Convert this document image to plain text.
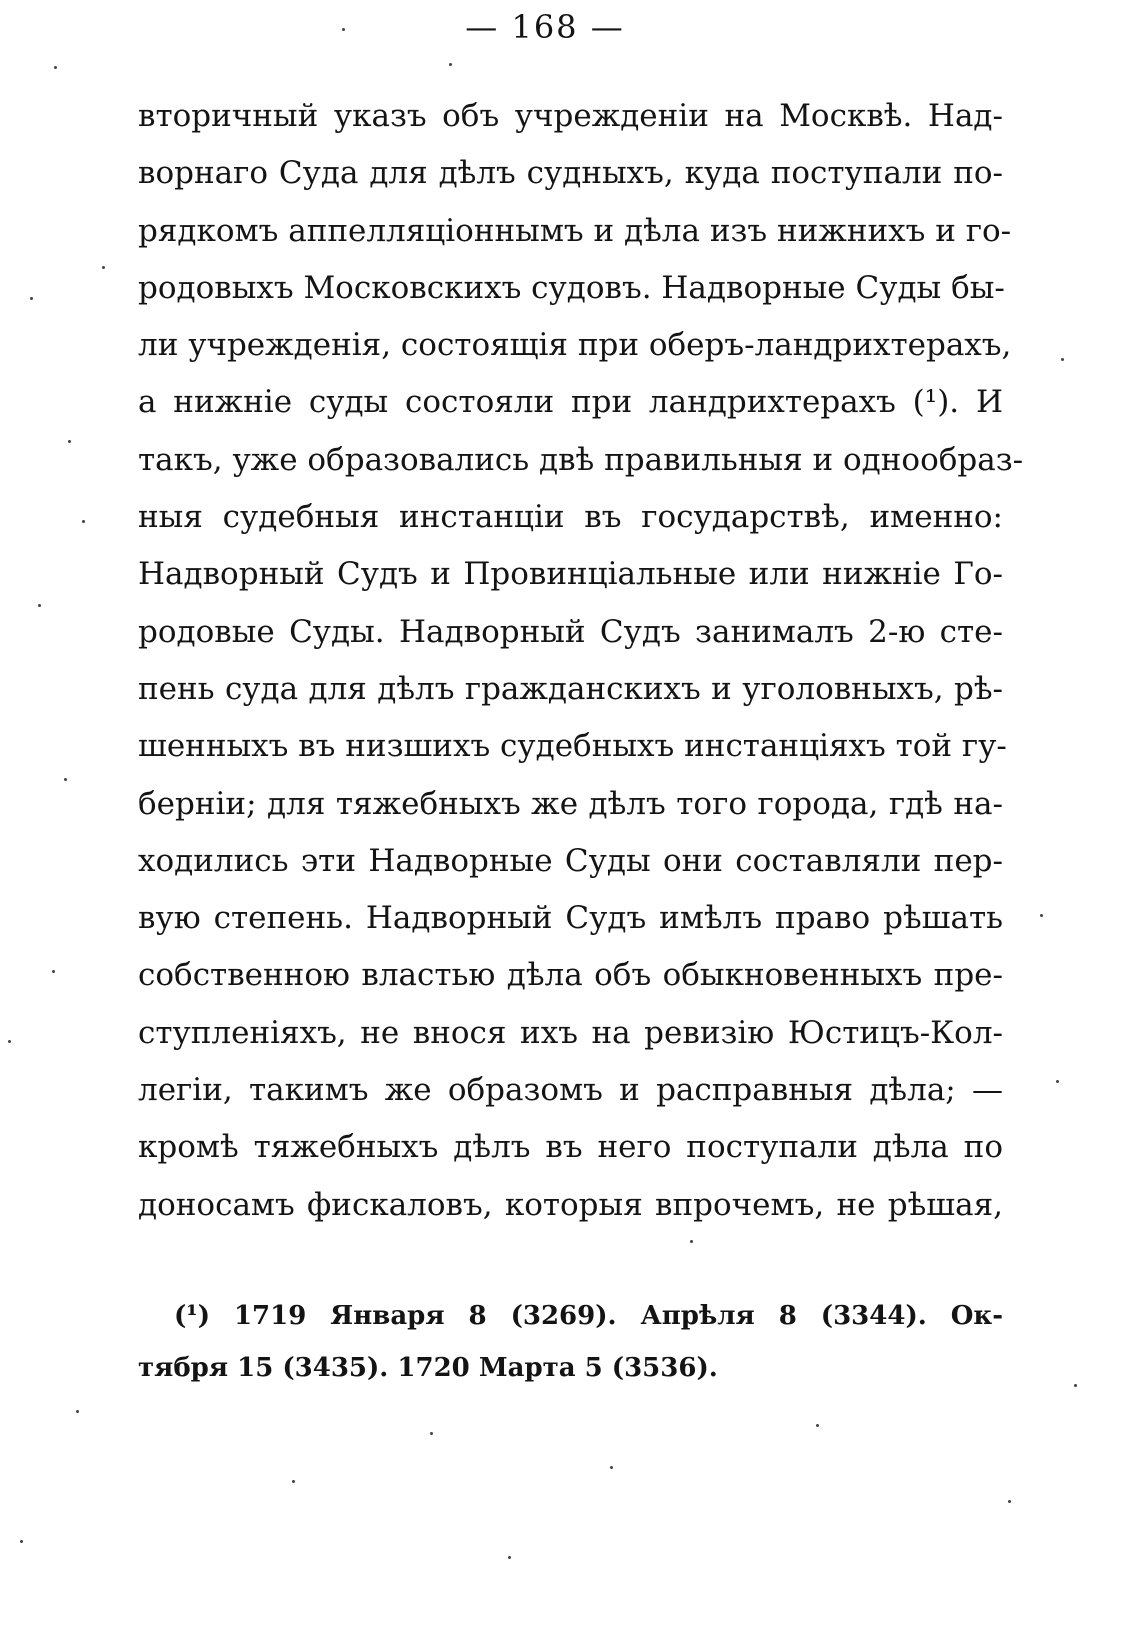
— 168 —
вторичный указъ объ учрежденіи на Москвѣ. Над-
ворнаго Суда для дѣлъ судныхъ, куда поступали по-
рядкомъ аппелляціоннымъ и дѣла изъ нижнихъ и го-
родовыхъ Московскихъ судовъ. Надворные Суды бы-
ли учрежденія, состоящія при оберъ-ландрихтерахъ,
а нижніе суды состояли при ландрихтерахъ (¹). И
такъ, уже образовались двѣ правильныя и однообраз-
ныя судебныя инстанціи въ государствѣ, именно:
Надворный Судъ и Провинціальные или нижніе Го-
родовые Суды. Надворный Судъ занималъ 2-ю сте-
пень суда для дѣлъ гражданскихъ и уголовныхъ, рѣ-
шенныхъ въ низшихъ судебныхъ инстанціяхъ той гу-
берніи; для тяжебныхъ же дѣлъ того города, гдѣ на-
ходились эти Надворные Суды они составляли пер-
вую степень. Надворный Судъ имѣлъ право рѣшать
собственною властью дѣла объ обыкновенныхъ пре-
ступленіяхъ, не внося ихъ на ревизію Юстицъ-Кол-
легіи, такимъ же образомъ и расправныя дѣла; —
кромѣ тяжебныхъ дѣлъ въ него поступали дѣла по
доносамъ фискаловъ, которыя впрочемъ, не рѣшая,
(¹) 1719 Января 8 (3269). Апрѣля 8 (3344). Ок-
тября 15 (3435). 1720 Марта 5 (3536).
